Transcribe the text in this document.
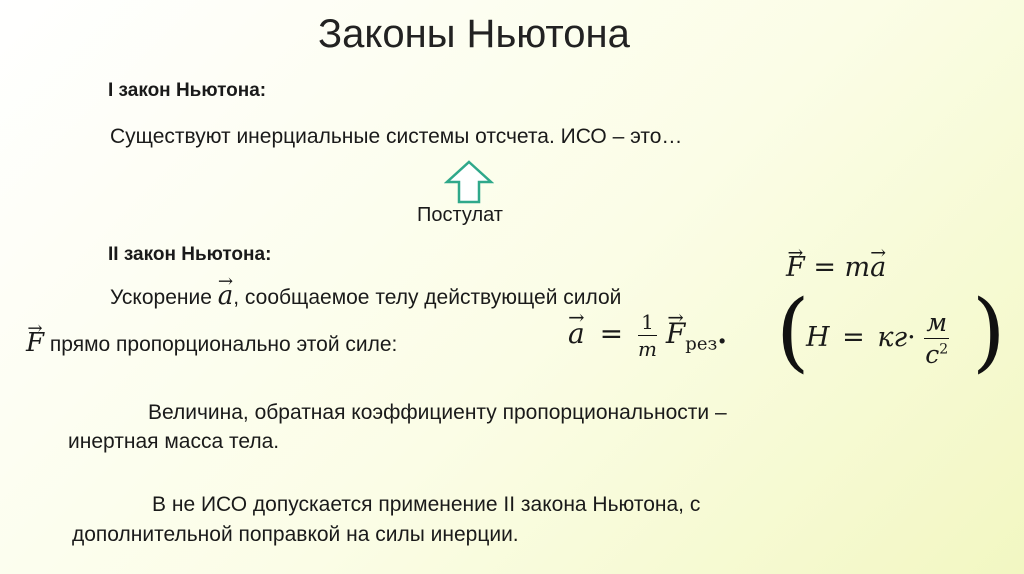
Законы Ньютона
I закон Ньютона:
Существуют инерциальные системы отсчета. ИСО – это…
Постулат
II закон Ньютона:
Ускорение → a, сообщаемое телу действующей силой
→ F прямо пропорционально этой силе:
→	$a = \frac{1}{m}$
→ $F_{рез}$.
→ F = m→ a
( )
$Н = кг\cdot \frac{м}{с^2}$
Величина, обратная коэффициенту пропорциональности –
инертная масса тела.
В не ИСО допускается применение II закона Ньютона, с
дополнительной поправкой на силы инерции.
